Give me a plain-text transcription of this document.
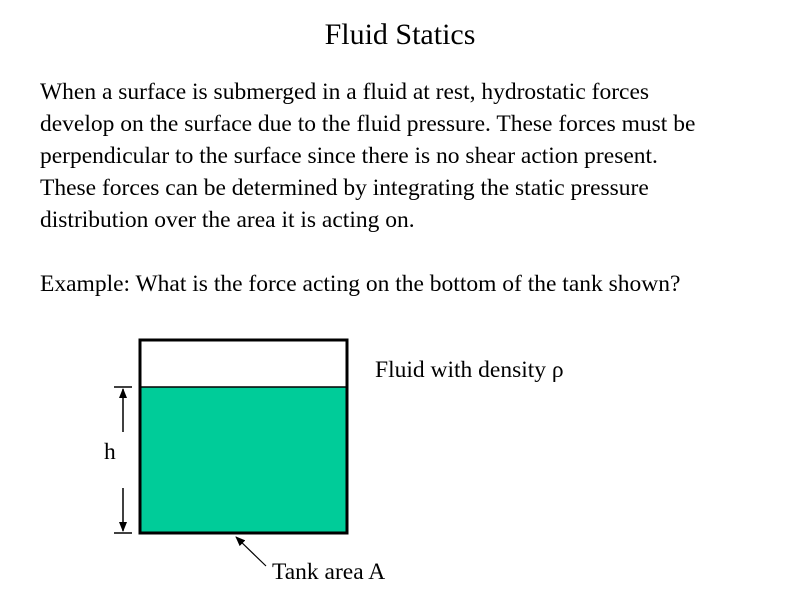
Fluid Statics
When a surface is submerged in a fluid at rest, hydrostatic forces
develop on the surface due to the fluid pressure. These forces must be
perpendicular to the surface since there is no shear action present.
These forces can be determined by integrating the static pressure
distribution over the area it is acting on.
Example: What is the force acting on the bottom of the tank shown?
Fluid with density ρ
h
Tank area A
